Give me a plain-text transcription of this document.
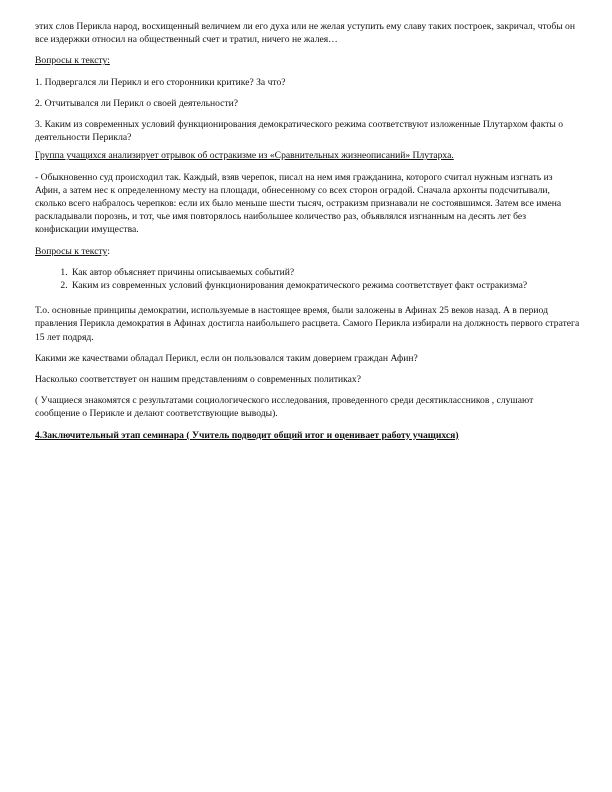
этих слов Перикла народ, восхищенный величием ли его духа или не желая уступить ему славу таких построек, закричал, чтобы он все издержки относил на общественный счет и тратил, ничего не жалея…

Вопросы к тексту:

1. Подвергался ли Перикл и его сторонники критике? За что?

2. Отчитывался ли Перикл о своей деятельности?

3. Каким из современных условий функционирования демократического режима соответствуют изложенные Плутархом факты о деятельности Перикла?

Группа учащихся анализирует отрывок об остракизме из «Сравнительных жизнеописаний» Плутарха.

- Обыкновенно суд происходил так. Каждый, взяв черепок, писал на нем имя гражданина, которого считал нужным изгнать из Афин, а затем нес к определенному месту на площади, обнесенному со всех сторон оградой. Сначала архонты подсчитывали, сколько всего набралось черепков: если их было меньше шести тысяч, остракизм признавали не состоявшимся. Затем все имена раскладывали порознь, и тот, чье имя повторялось наибольшее количество раз, объявлялся изгнанным на десять лет без конфискации имущества.

Вопросы к тексту:

1. Как автор объясняет причины описываемых событий?
2. Каким из современных условий функционирования демократического режима соответствует факт остракизма?

Т.о. основные принципы демократии, используемые в настоящее время, были заложены в Афинах 25 веков назад. А в период правления Перикла демократия в Афинах достигла наибольшего расцвета. Самого Перикла избирали на должность первого стратега 15 лет подряд.

Какими же качествами обладал Перикл, если он пользовался таким доверием граждан Афин?

Насколько соответствует он нашим представлениям о современных политиках?

( Учащиеся знакомятся с результатами социологического исследования, проведенного среди десятиклассников , слушают сообщение о Перикле и делают соответствующие выводы).

4.Заключительный этап семинара ( Учитель подводит общий итог и оценивает работу учащихся)
